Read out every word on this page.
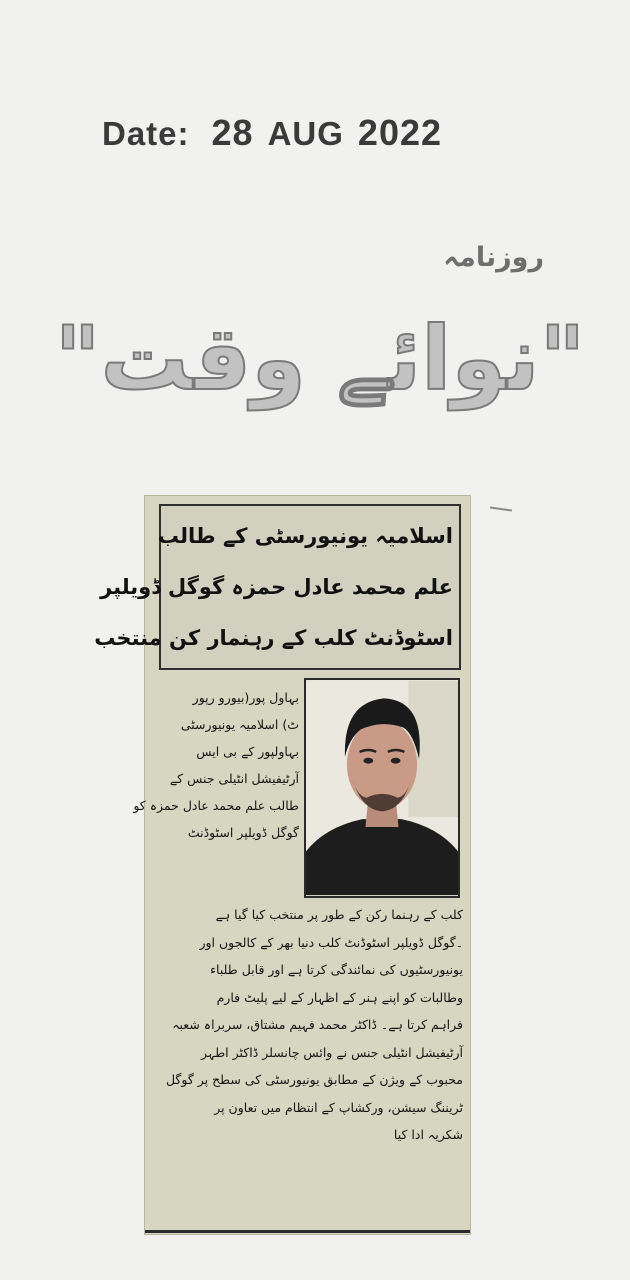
Date: 28 AUG 2022
روزنامہ
"نوائے وقت"
اسلامیہ یونیورسٹی کے طالب
علم محمد عادل حمزہ گوگل ڈویلپر
اسٹوڈنٹ کلب کے رہنمار کن منتخب
بہاول پور(بیورو رپور
ٹ) اسلامیہ یونیورسٹی
بہاولپور کے بی ایس
آرٹیفیشل انٹیلی جنس کے
طالب علم محمد عادل حمزہ کو
گوگل ڈویلپر اسٹوڈنٹ
کلب کے رہنما رکن کے طور پر منتخب کیا گیا ہے
۔گوگل ڈویلپر اسٹوڈنٹ کلب دنیا بھر کے کالجوں اور
یونیورسٹیوں کی نمائندگی کرتا ہے اور قابل طلباء
وطالبات کو اپنے ہنر کے اظہار کے لیے پلیٹ فارم
فراہم کرتا ہے۔ ڈاکٹر محمد فہیم مشتاق، سربراہ شعبہ
آرٹیفیشل انٹیلی جنس نے وائس چانسلر ڈاکٹر اطہر
محبوب کے ویژن کے مطابق یونیورسٹی کی سطح پر گوگل
ٹریننگ سیشن، ورکشاپ کے انتظام میں تعاون پر
شکریہ ادا کیا
